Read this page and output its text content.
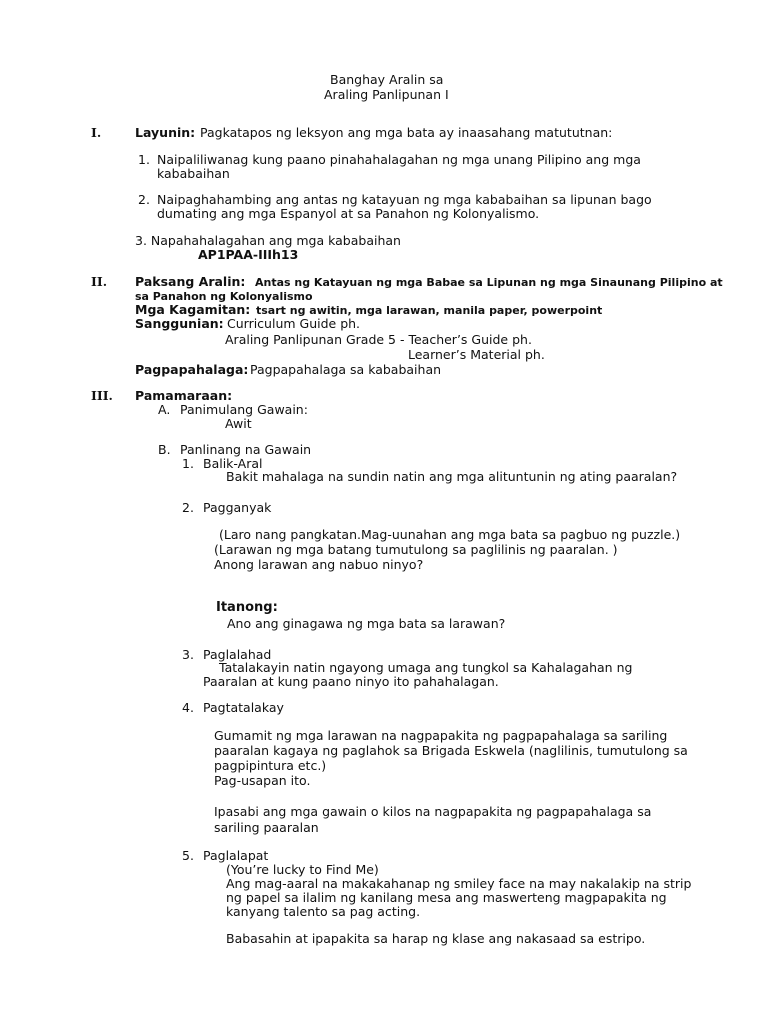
Banghay Aralin sa
Araling Panlipunan I
I.	Layunin: Pagkatapos ng leksyon ang mga bata ay inaasahang matututnan:
1. Naipaliliwanag kung paano pinahahalagahan ng mga unang Pilipino ang mga
kababaihan
2. Naipaghahambing ang antas ng katayuan ng mga kababaihan sa lipunan bago
dumating ang mga Espanyol at sa Panahon ng Kolonyalismo.
3. Napahahalagahan ang mga kababaihan
AP1PAA-IIIh13
II. Paksang Aralin: Antas ng Katayuan ng mga Babae sa Lipunan ng mga Sinaunang Pilipino at
sa Panahon ng Kolonyalismo
Mga Kagamitan: tsart ng awitin, mga larawan, manila paper, powerpoint
Sanggunian: Curriculum Guide ph.
Araling Panlipunan Grade 5 - Teacher’s Guide ph.
Learner’s Material ph.
Pagpapahalaga: Pagpapahalaga sa kababaihan
III. Pamamaraan:
A. Panimulang Gawain:
Awit
B. Panlinang na Gawain
1. Balik-Aral
Bakit mahalaga na sundin natin ang mga alituntunin ng ating paaralan?
2. Pagganyak
(Laro nang pangkatan.Mag-uunahan ang mga bata sa pagbuo ng puzzle.)
(Larawan ng mga batang tumutulong sa paglilinis ng paaralan. )
Anong larawan ang nabuo ninyo?
Itanong:
Ano ang ginagawa ng mga bata sa larawan?
3. Paglalahad
Tatalakayin natin ngayong umaga ang tungkol sa Kahalagahan ng
Paaralan at kung paano ninyo ito pahahalagan.
4. Pagtatalakay
Gumamit ng mga larawan na nagpapakita ng pagpapahalaga sa sariling
paaralan kagaya ng paglahok sa Brigada Eskwela (naglilinis, tumutulong sa
pagpipintura etc.)
Pag-usapan ito.
Ipasabi ang mga gawain o kilos na nagpapakita ng pagpapahalaga sa
sariling paaralan
5. Paglalapat
(You’re lucky to Find Me)
Ang mag-aaral na makakahanap ng smiley face na may nakalakip na strip
ng papel sa ilalim ng kanilang mesa ang maswerteng magpapakita ng
kanyang talento sa pag acting.
Babasahin at ipapakita sa harap ng klase ang nakasaad sa estripo.
